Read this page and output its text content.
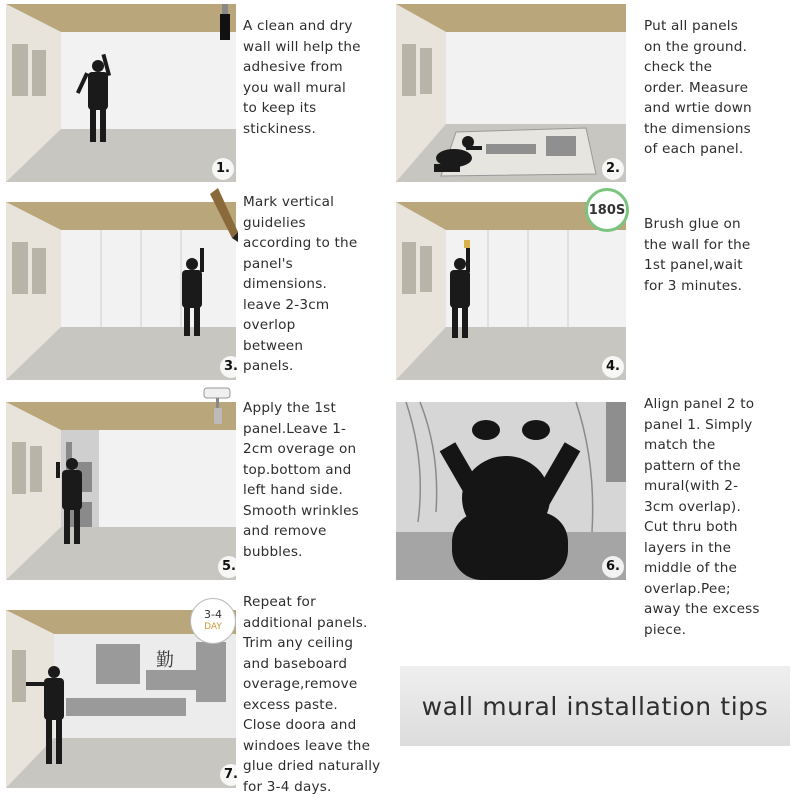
1.
A clean and dry
wall will help the
adhesive from
you wall mural
to keep its
stickiness.
2.
Put all panels
on the ground.
check the
order. Measure
and wrtie down
the dimensions
of each panel.
3.
Mark vertical
guidelies
according to the
panel's
dimensions.
leave 2-3cm
overlop
between
panels.	4.
180S
Brush glue on
the wall for the
1st panel,wait
for 3 minutes.
5.
Apply the 1st
panel.Leave 1-
2cm overage on
top.bottom and
left hand side.
Smooth wrinkles
and remove
bubbles.
6.
Align panel 2 to
panel 1. Simply
match the
pattern of the
mural(with 2-
3cm overlap).
Cut thru both
layers in the
middle of the
overlap.Pee;
away the excess
piece.
7.
勤
3-4
DAY
Repeat for
additional panels.
Trim any ceiling
and baseboard
overage,remove
excess paste.
Close doora and
windoes leave the
glue dried naturally
for 3-4 days.
wall mural installation tips
